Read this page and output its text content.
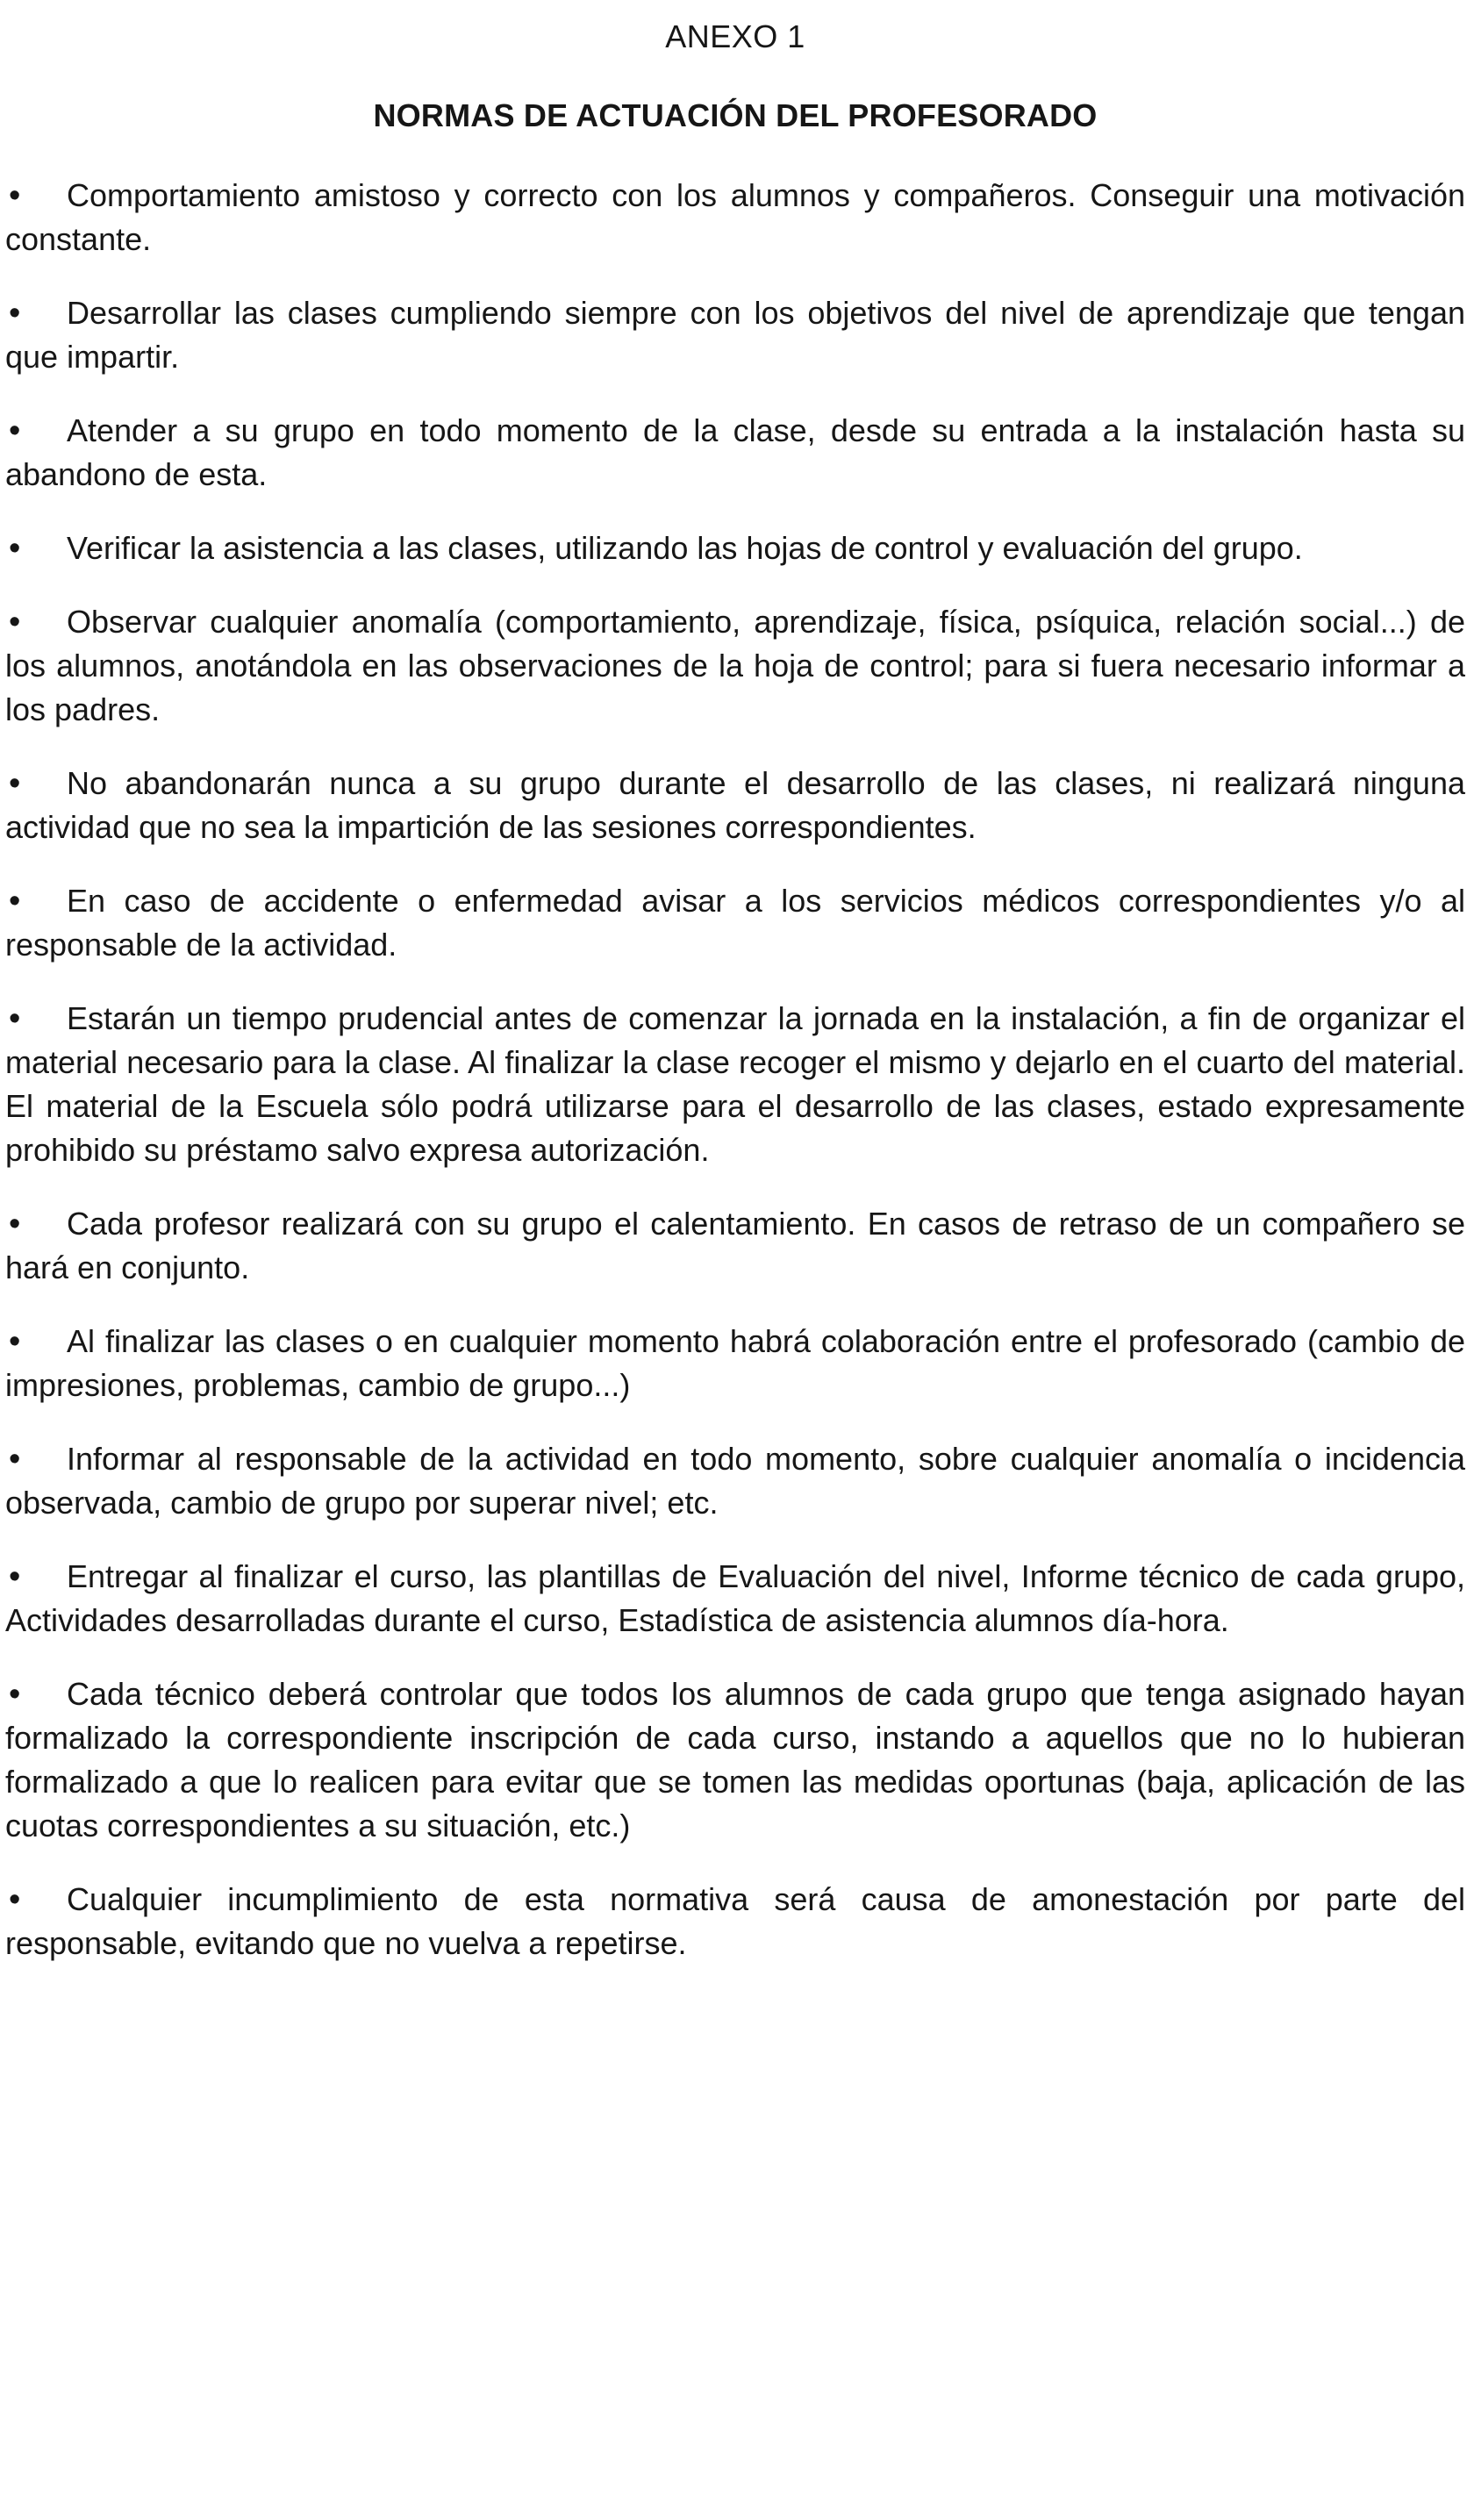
ANEXO 1
NORMAS DE ACTUACIÓN DEL PROFESORADO

• Comportamiento amistoso y correcto con los alumnos y compañeros. Conseguir una motivación constante.

• Desarrollar las clases cumpliendo siempre con los objetivos del nivel de aprendizaje que tengan que impartir.

• Atender a su grupo en todo momento de la clase, desde su entrada a la instalación hasta su abandono de esta.

• Verificar la asistencia a las clases, utilizando las hojas de control y evaluación del grupo.

• Observar cualquier anomalía (comportamiento, aprendizaje, física, psíquica, relación social...) de los alumnos, anotándola en las observaciones de la hoja de control; para si fuera necesario informar a los padres.

• No abandonarán nunca a su grupo durante el desarrollo de las clases, ni realizará ninguna actividad que no sea la impartición de las sesiones correspondientes.

• En caso de accidente o enfermedad avisar a los servicios médicos correspondientes y/o al responsable de la actividad.

• Estarán un tiempo prudencial antes de comenzar la jornada en la instalación, a fin de organizar el material necesario para la clase. Al finalizar la clase recoger el mismo y dejarlo en el cuarto del material. El material de la Escuela sólo podrá utilizarse para el desarrollo de las clases, estado expresamente prohibido su préstamo salvo expresa autorización.

• Cada profesor realizará con su grupo el calentamiento. En casos de retraso de un compañero se hará en conjunto.

• Al finalizar las clases o en cualquier momento habrá colaboración entre el profesorado (cambio de impresiones, problemas, cambio de grupo...)

• Informar al responsable de la actividad en todo momento, sobre cualquier anomalía o incidencia observada, cambio de grupo por superar nivel; etc.

• Entregar al finalizar el curso, las plantillas de Evaluación del nivel, Informe técnico de cada grupo, Actividades desarrolladas durante el curso, Estadística de asistencia alumnos día-hora.

• Cada técnico deberá controlar que todos los alumnos de cada grupo que tenga asignado hayan formalizado la correspondiente inscripción de cada curso, instando a aquellos que no lo hubieran formalizado a que lo realicen para evitar que se tomen las medidas oportunas (baja, aplicación de las cuotas correspondientes a su situación, etc.)

• Cualquier incumplimiento de esta normativa será causa de amonestación por parte del responsable, evitando que no vuelva a repetirse.
